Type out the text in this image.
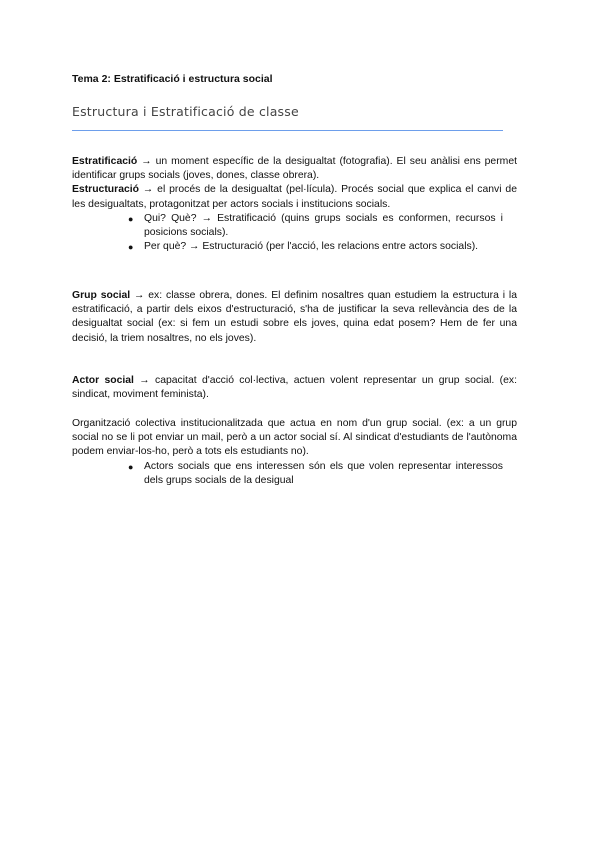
Tema 2: Estratificació i estructura social
Estructura i Estratificació de classe

Estratificació → un moment específic de la desigualtat (fotografia). El seu anàlisi ens permet identificar grups socials (joves, dones, classe obrera).

Estructuració → el procés de la desigualtat (pel·lícula). Procés social que explica el canvi de les desigualtats, protagonitzat per actors socials i institucions socials.

●	Qui? Què? → Estratificació (quins grups socials es conformen, recursos i posicions socials).
●	Per què? → Estructuració (per l'acció, les relacions entre actors socials).

Grup social → ex: classe obrera, dones. El definim nosaltres quan estudiem la estructura i la estratificació, a partir dels eixos d'estructuració, s'ha de justificar la seva rellevància des de la desigualtat social (ex: si fem un estudi sobre els joves, quina edat posem? Hem de fer una decisió, la triem nosaltres, no els joves).

Actor social → capacitat d'acció col·lectiva, actuen volent representar un grup social. (ex: sindicat, moviment feminista).

Organització colectiva institucionalitzada que actua en nom d'un grup social. (ex: a un grup social no se li pot enviar un mail, però a un actor social sí. Al sindicat d'estudiants de l'autònoma podem enviar-los-ho, però a tots els estudiants no).

●	Actors socials que ens interessen són els que volen representar interessos dels grups socials de la desigual
